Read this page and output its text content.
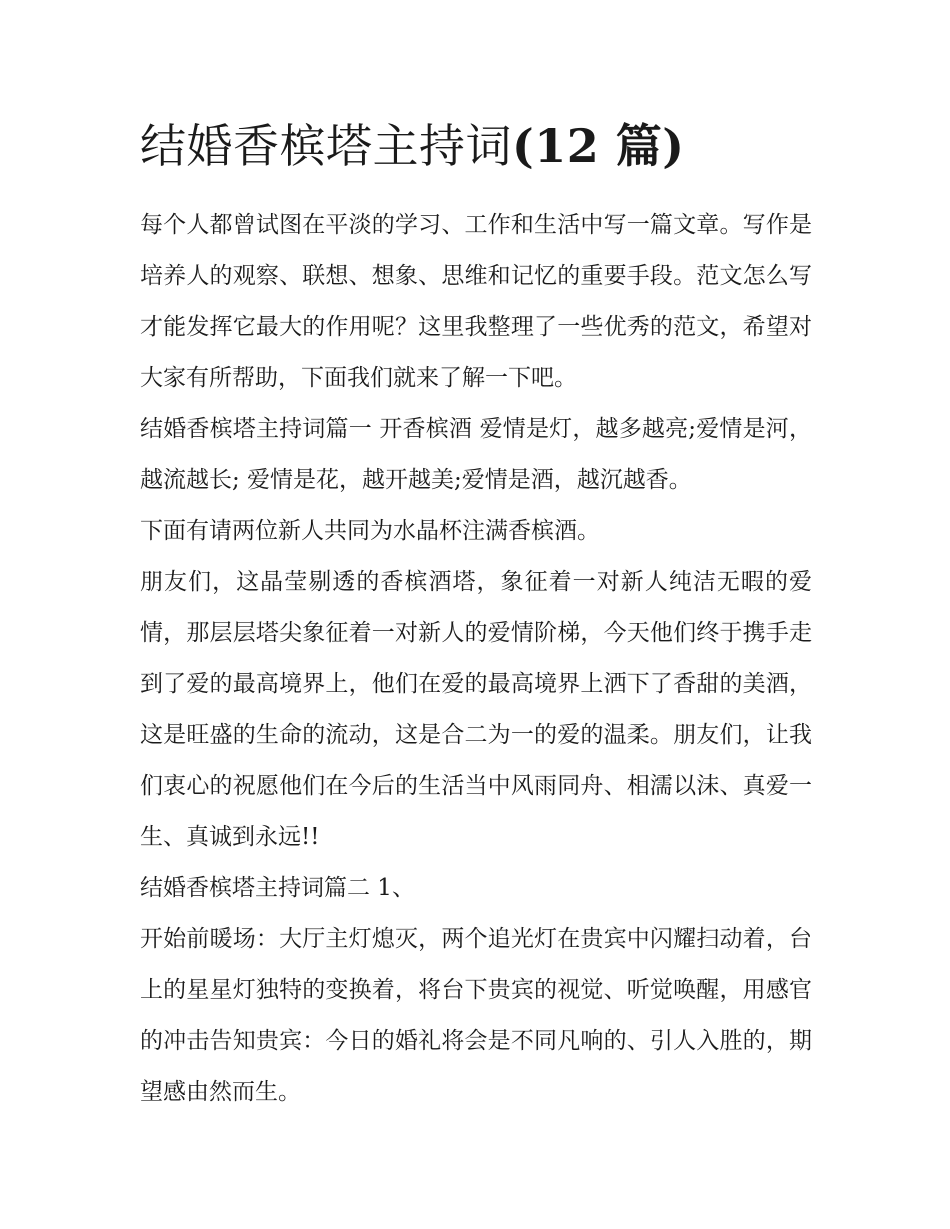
结婚香槟塔主持词(12 篇)

每个人都曾试图在平淡的学习、工作和生活中写一篇文章。写作是培养人的观察、联想、想象、思维和记忆的重要手段。范文怎么写才能发挥它最大的作用呢？这里我整理了一些优秀的范文，希望对大家有所帮助，下面我们就来了解一下吧。

结婚香槟塔主持词篇一 开香槟酒 爱情是灯，越多越亮;爱情是河，越流越长; 爱情是花，越开越美;爱情是酒，越沉越香。

下面有请两位新人共同为水晶杯注满香槟酒。

朋友们，这晶莹剔透的香槟酒塔，象征着一对新人纯洁无暇的爱情，那层层塔尖象征着一对新人的爱情阶梯，今天他们终于携手走到了爱的最高境界上，他们在爱的最高境界上洒下了香甜的美酒，这是旺盛的生命的流动，这是合二为一的爱的温柔。朋友们，让我们衷心的祝愿他们在今后的生活当中风雨同舟、相濡以沫、真爱一生、真诚到永远!!

结婚香槟塔主持词篇二 1、

开始前暖场：大厅主灯熄灭，两个追光灯在贵宾中闪耀扫动着，台上的星星灯独特的变换着，将台下贵宾的视觉、听觉唤醒，用感官的冲击告知贵宾：今日的婚礼将会是不同凡响的、引人入胜的，期望感由然而生。
